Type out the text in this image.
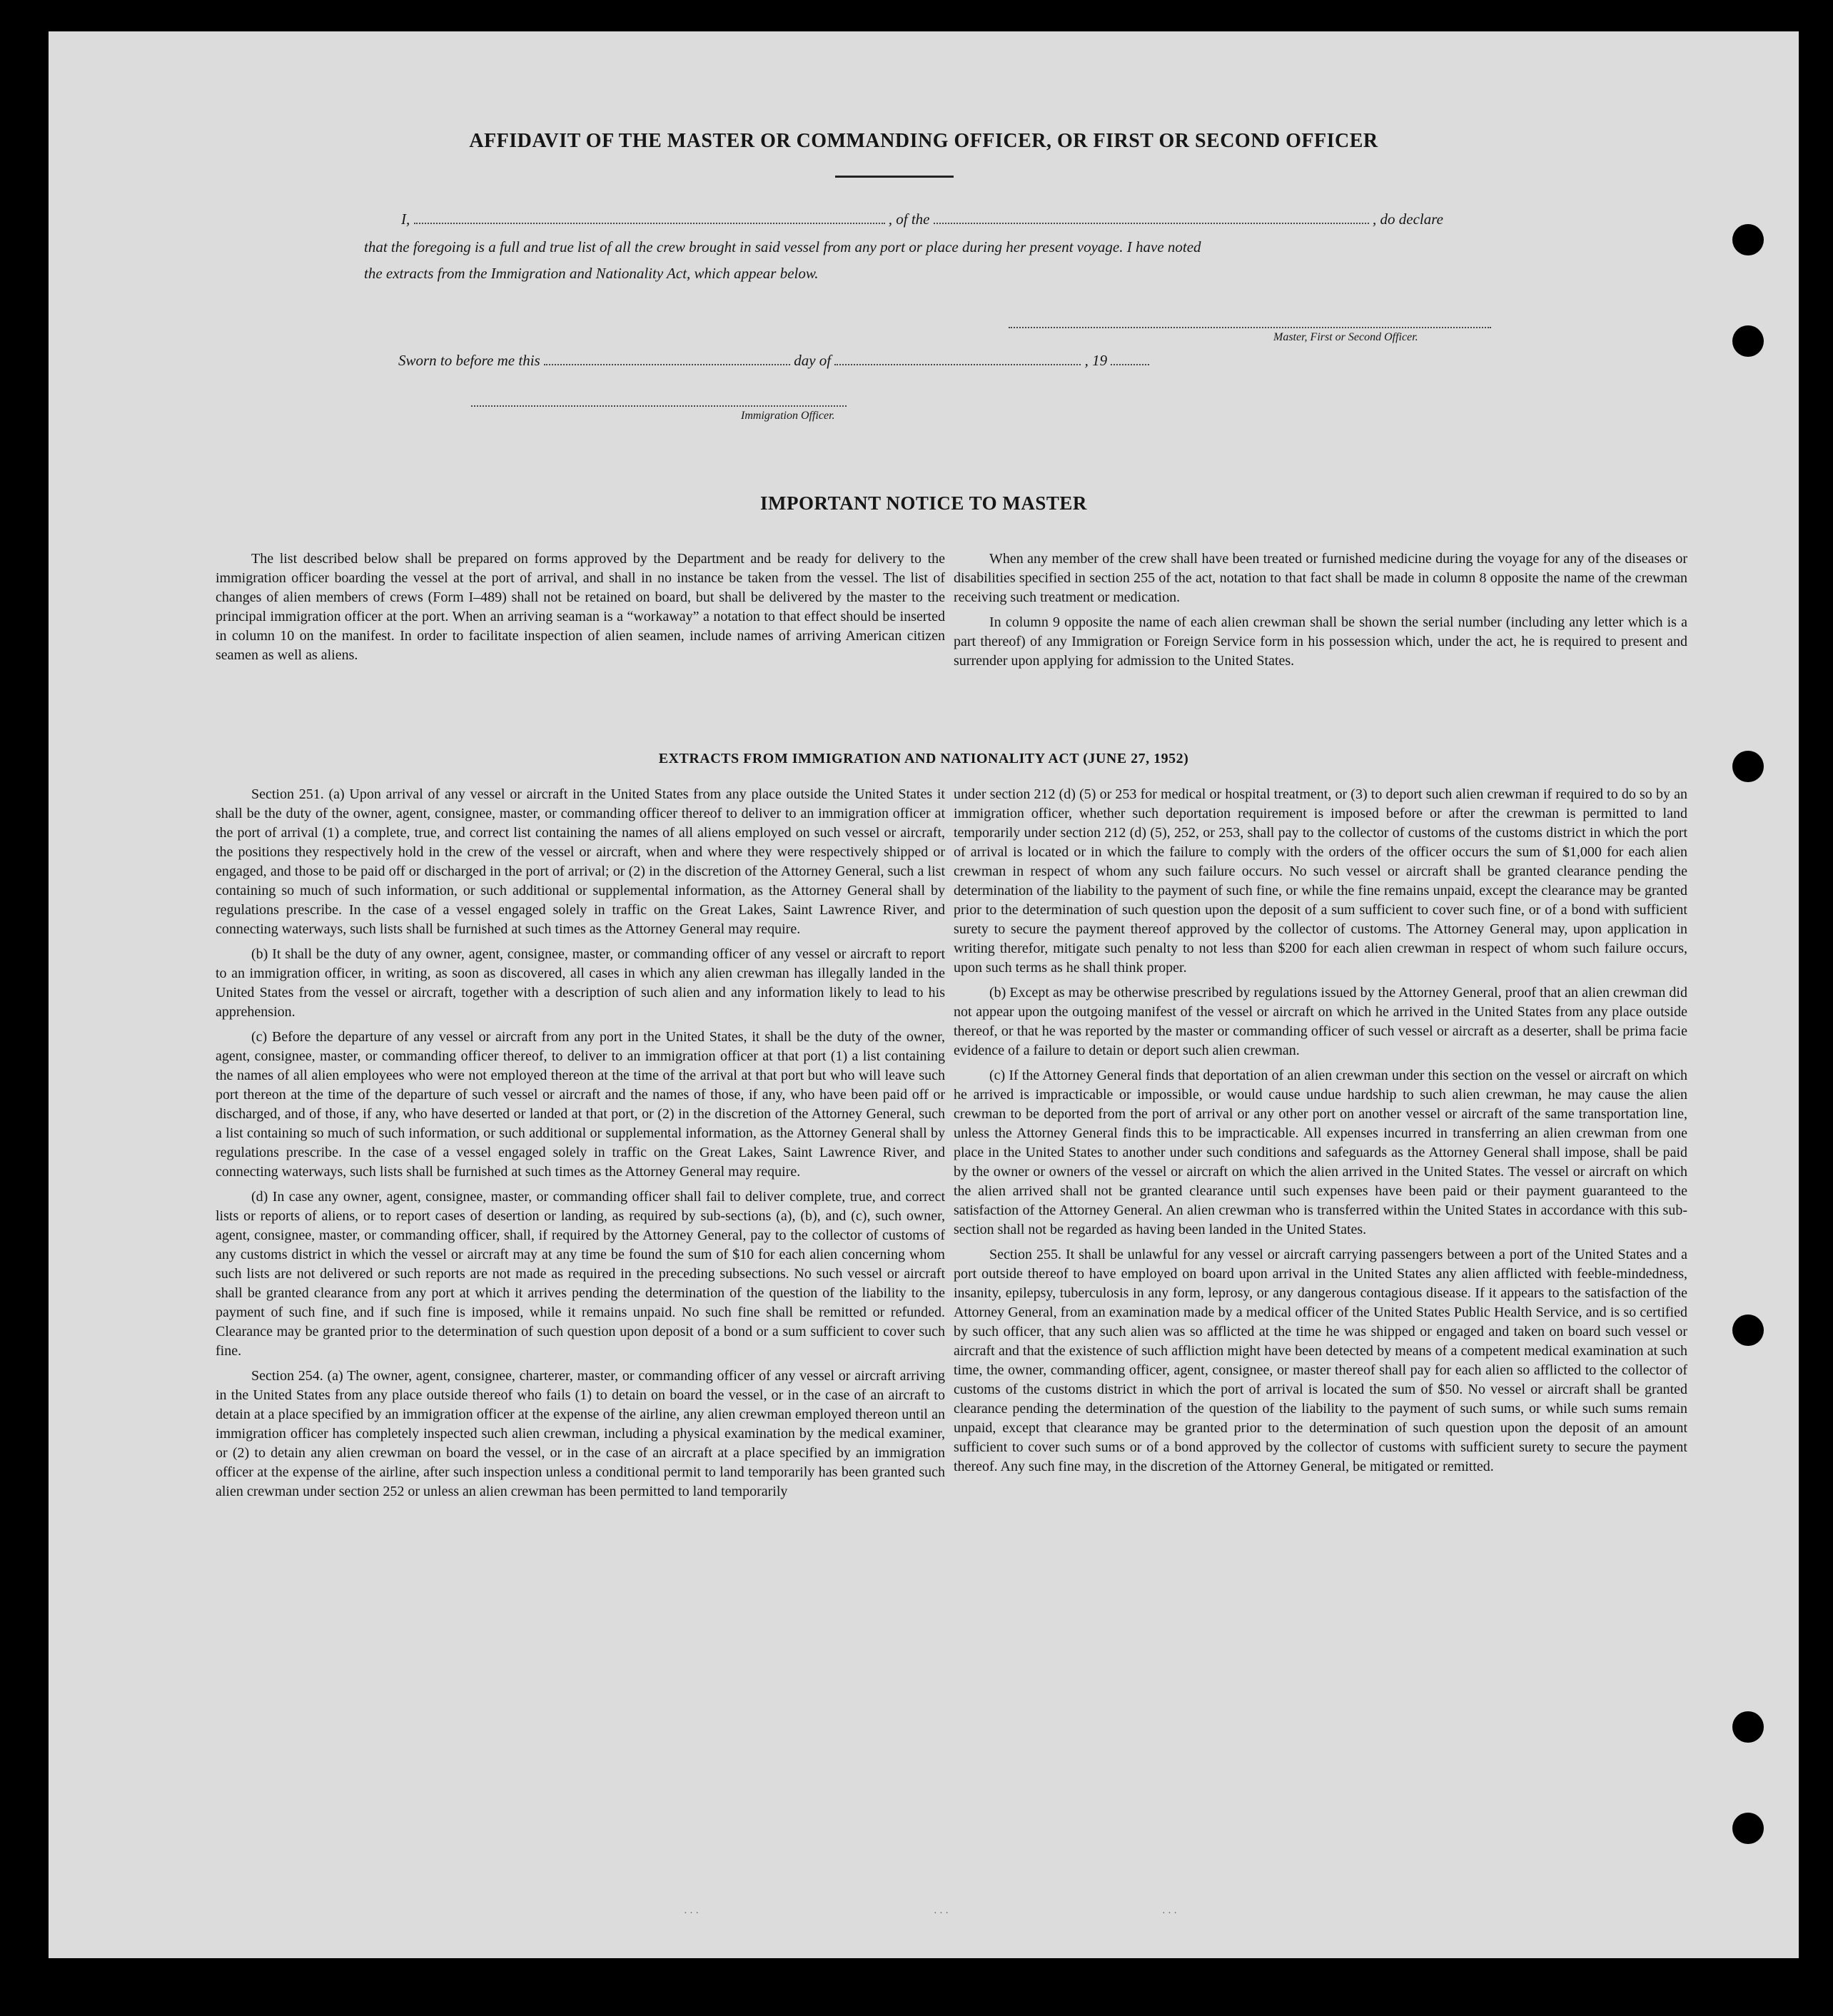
AFFIDAVIT OF THE MASTER OR COMMANDING OFFICER, OR FIRST OR SECOND OFFICER
I,	, of the	, do declare
that the foregoing is a full and true list of all the crew brought in said vessel from any port or place during her present voyage. I have noted
the extracts from the Immigration and Nationality Act, which appear below.
Master, First or Second Officer.
Sworn to before me this	day of	, 19
Immigration Officer.
IMPORTANT NOTICE TO MASTER

The list described below shall be prepared on forms approved by the Department and be ready for delivery to the immigration officer boarding the vessel at the port of arrival, and shall in no instance be taken from the vessel. The list of changes of alien members of crews (Form I–489) shall not be retained on board, but shall be delivered by the master to the principal immigration officer at the port. When an arriving seaman is a “workaway” a notation to that effect should be inserted in column 10 on the manifest. In order to facilitate inspection of alien seamen, include names of arriving American citizen seamen as well as aliens.

When any member of the crew shall have been treated or furnished medicine during the voyage for any of the diseases or disabilities specified in section 255 of the act, notation to that fact shall be made in column 8 opposite the name of the crewman receiving such treatment or medication.

In column 9 opposite the name of each alien crewman shall be shown the serial number (including any letter which is a part thereof) of any Immigration or Foreign Service form in his possession which, under the act, he is required to present and surrender upon applying for admission to the United States.

EXTRACTS FROM IMMIGRATION AND NATIONALITY ACT (JUNE 27, 1952)

Section 251. (a) Upon arrival of any vessel or aircraft in the United States from any place outside the United States it shall be the duty of the owner, agent, consignee, master, or commanding officer thereof to deliver to an immigration officer at the port of arrival (1) a complete, true, and correct list containing the names of all aliens employed on such vessel or aircraft, the positions they respectively hold in the crew of the vessel or aircraft, when and where they were respectively shipped or engaged, and those to be paid off or discharged in the port of arrival; or (2) in the discretion of the Attorney General, such a list containing so much of such information, or such additional or supplemental information, as the Attorney General shall by regulations prescribe. In the case of a vessel engaged solely in traffic on the Great Lakes, Saint Lawrence River, and connecting waterways, such lists shall be furnished at such times as the Attorney General may require.

(b) It shall be the duty of any owner, agent, consignee, master, or commanding officer of any vessel or aircraft to report to an immigration officer, in writing, as soon as discovered, all cases in which any alien crewman has illegally landed in the United States from the vessel or aircraft, together with a description of such alien and any information likely to lead to his apprehension.

(c) Before the departure of any vessel or aircraft from any port in the United States, it shall be the duty of the owner, agent, consignee, master, or commanding officer thereof, to deliver to an immigration officer at that port (1) a list containing the names of all alien employees who were not employed thereon at the time of the arrival at that port but who will leave such port thereon at the time of the departure of such vessel or aircraft and the names of those, if any, who have been paid off or discharged, and of those, if any, who have deserted or landed at that port, or (2) in the discretion of the Attorney General, such a list containing so much of such information, or such additional or supplemental information, as the Attorney General shall by regulations prescribe. In the case of a vessel engaged solely in traffic on the Great Lakes, Saint Lawrence River, and connecting waterways, such lists shall be furnished at such times as the Attorney General may require.

(d) In case any owner, agent, consignee, master, or commanding officer shall fail to deliver complete, true, and correct lists or reports of aliens, or to report cases of desertion or landing, as required by sub-sections (a), (b), and (c), such owner, agent, consignee, master, or commanding officer, shall, if required by the Attorney General, pay to the collector of customs of any customs district in which the vessel or aircraft may at any time be found the sum of $10 for each alien concerning whom such lists are not delivered or such reports are not made as required in the preceding subsections. No such vessel or aircraft shall be granted clearance from any port at which it arrives pending the determination of the question of the liability to the payment of such fine, and if such fine is imposed, while it remains unpaid. No such fine shall be remitted or refunded. Clearance may be granted prior to the determination of such question upon deposit of a bond or a sum sufficient to cover such fine.

Section 254. (a) The owner, agent, consignee, charterer, master, or commanding officer of any vessel or aircraft arriving in the United States from any place outside thereof who fails (1) to detain on board the vessel, or in the case of an aircraft to detain at a place specified by an immigration officer at the expense of the airline, any alien crewman employed thereon until an immigration officer has completely inspected such alien crewman, including a physical examination by the medical examiner, or (2) to detain any alien crewman on board the vessel, or in the case of an aircraft at a place specified by an immigration officer at the expense of the airline, after such inspection unless a conditional permit to land temporarily has been granted such alien crewman under section 252 or unless an alien crewman has been permitted to land temporarily

under section 212 (d) (5) or 253 for medical or hospital treatment, or (3) to deport such alien crewman if required to do so by an immigration officer, whether such deportation requirement is imposed before or after the crewman is permitted to land temporarily under section 212 (d) (5), 252, or 253, shall pay to the collector of customs of the customs district in which the port of arrival is located or in which the failure to comply with the orders of the officer occurs the sum of $1,000 for each alien crewman in respect of whom any such failure occurs. No such vessel or aircraft shall be granted clearance pending the determination of the liability to the payment of such fine, or while the fine remains unpaid, except the clearance may be granted prior to the determination of such question upon the deposit of a sum sufficient to cover such fine, or of a bond with sufficient surety to secure the payment thereof approved by the collector of customs. The Attorney General may, upon application in writing therefor, mitigate such penalty to not less than $200 for each alien crewman in respect of whom such failure occurs, upon such terms as he shall think proper.

(b) Except as may be otherwise prescribed by regulations issued by the Attorney General, proof that an alien crewman did not appear upon the outgoing manifest of the vessel or aircraft on which he arrived in the United States from any place outside thereof, or that he was reported by the master or commanding officer of such vessel or aircraft as a deserter, shall be prima facie evidence of a failure to detain or deport such alien crewman.

(c) If the Attorney General finds that deportation of an alien crewman under this section on the vessel or aircraft on which he arrived is impracticable or impossible, or would cause undue hardship to such alien crewman, he may cause the alien crewman to be deported from the port of arrival or any other port on another vessel or aircraft of the same transportation line, unless the Attorney General finds this to be impracticable. All expenses incurred in transferring an alien crewman from one place in the United States to another under such conditions and safeguards as the Attorney General shall impose, shall be paid by the owner or owners of the vessel or aircraft on which the alien arrived in the United States. The vessel or aircraft on which the alien arrived shall not be granted clearance until such expenses have been paid or their payment guaranteed to the satisfaction of the Attorney General. An alien crewman who is transferred within the United States in accordance with this sub-section shall not be regarded as having been landed in the United States.

Section 255. It shall be unlawful for any vessel or aircraft carrying passengers between a port of the United States and a port outside thereof to have employed on board upon arrival in the United States any alien afflicted with feeble-mindedness, insanity, epilepsy, tuberculosis in any form, leprosy, or any dangerous contagious disease. If it appears to the satisfaction of the Attorney General, from an examination made by a medical officer of the United States Public Health Service, and is so certified by such officer, that any such alien was so afflicted at the time he was shipped or engaged and taken on board such vessel or aircraft and that the existence of such affliction might have been detected by means of a competent medical examination at such time, the owner, commanding officer, agent, consignee, or master thereof shall pay for each alien so afflicted to the collector of customs of the customs district in which the port of arrival is located the sum of $50. No vessel or aircraft shall be granted clearance pending the determination of the question of the liability to the payment of such sums, or while such sums remain unpaid, except that clearance may be granted prior to the determination of such question upon the deposit of an amount sufficient to cover such sums or of a bond approved by the collector of customs with sufficient surety to secure the payment thereof. Any such fine may, in the discretion of the Attorney General, be mitigated or remitted.

· · ·	· · ·	· · ·
